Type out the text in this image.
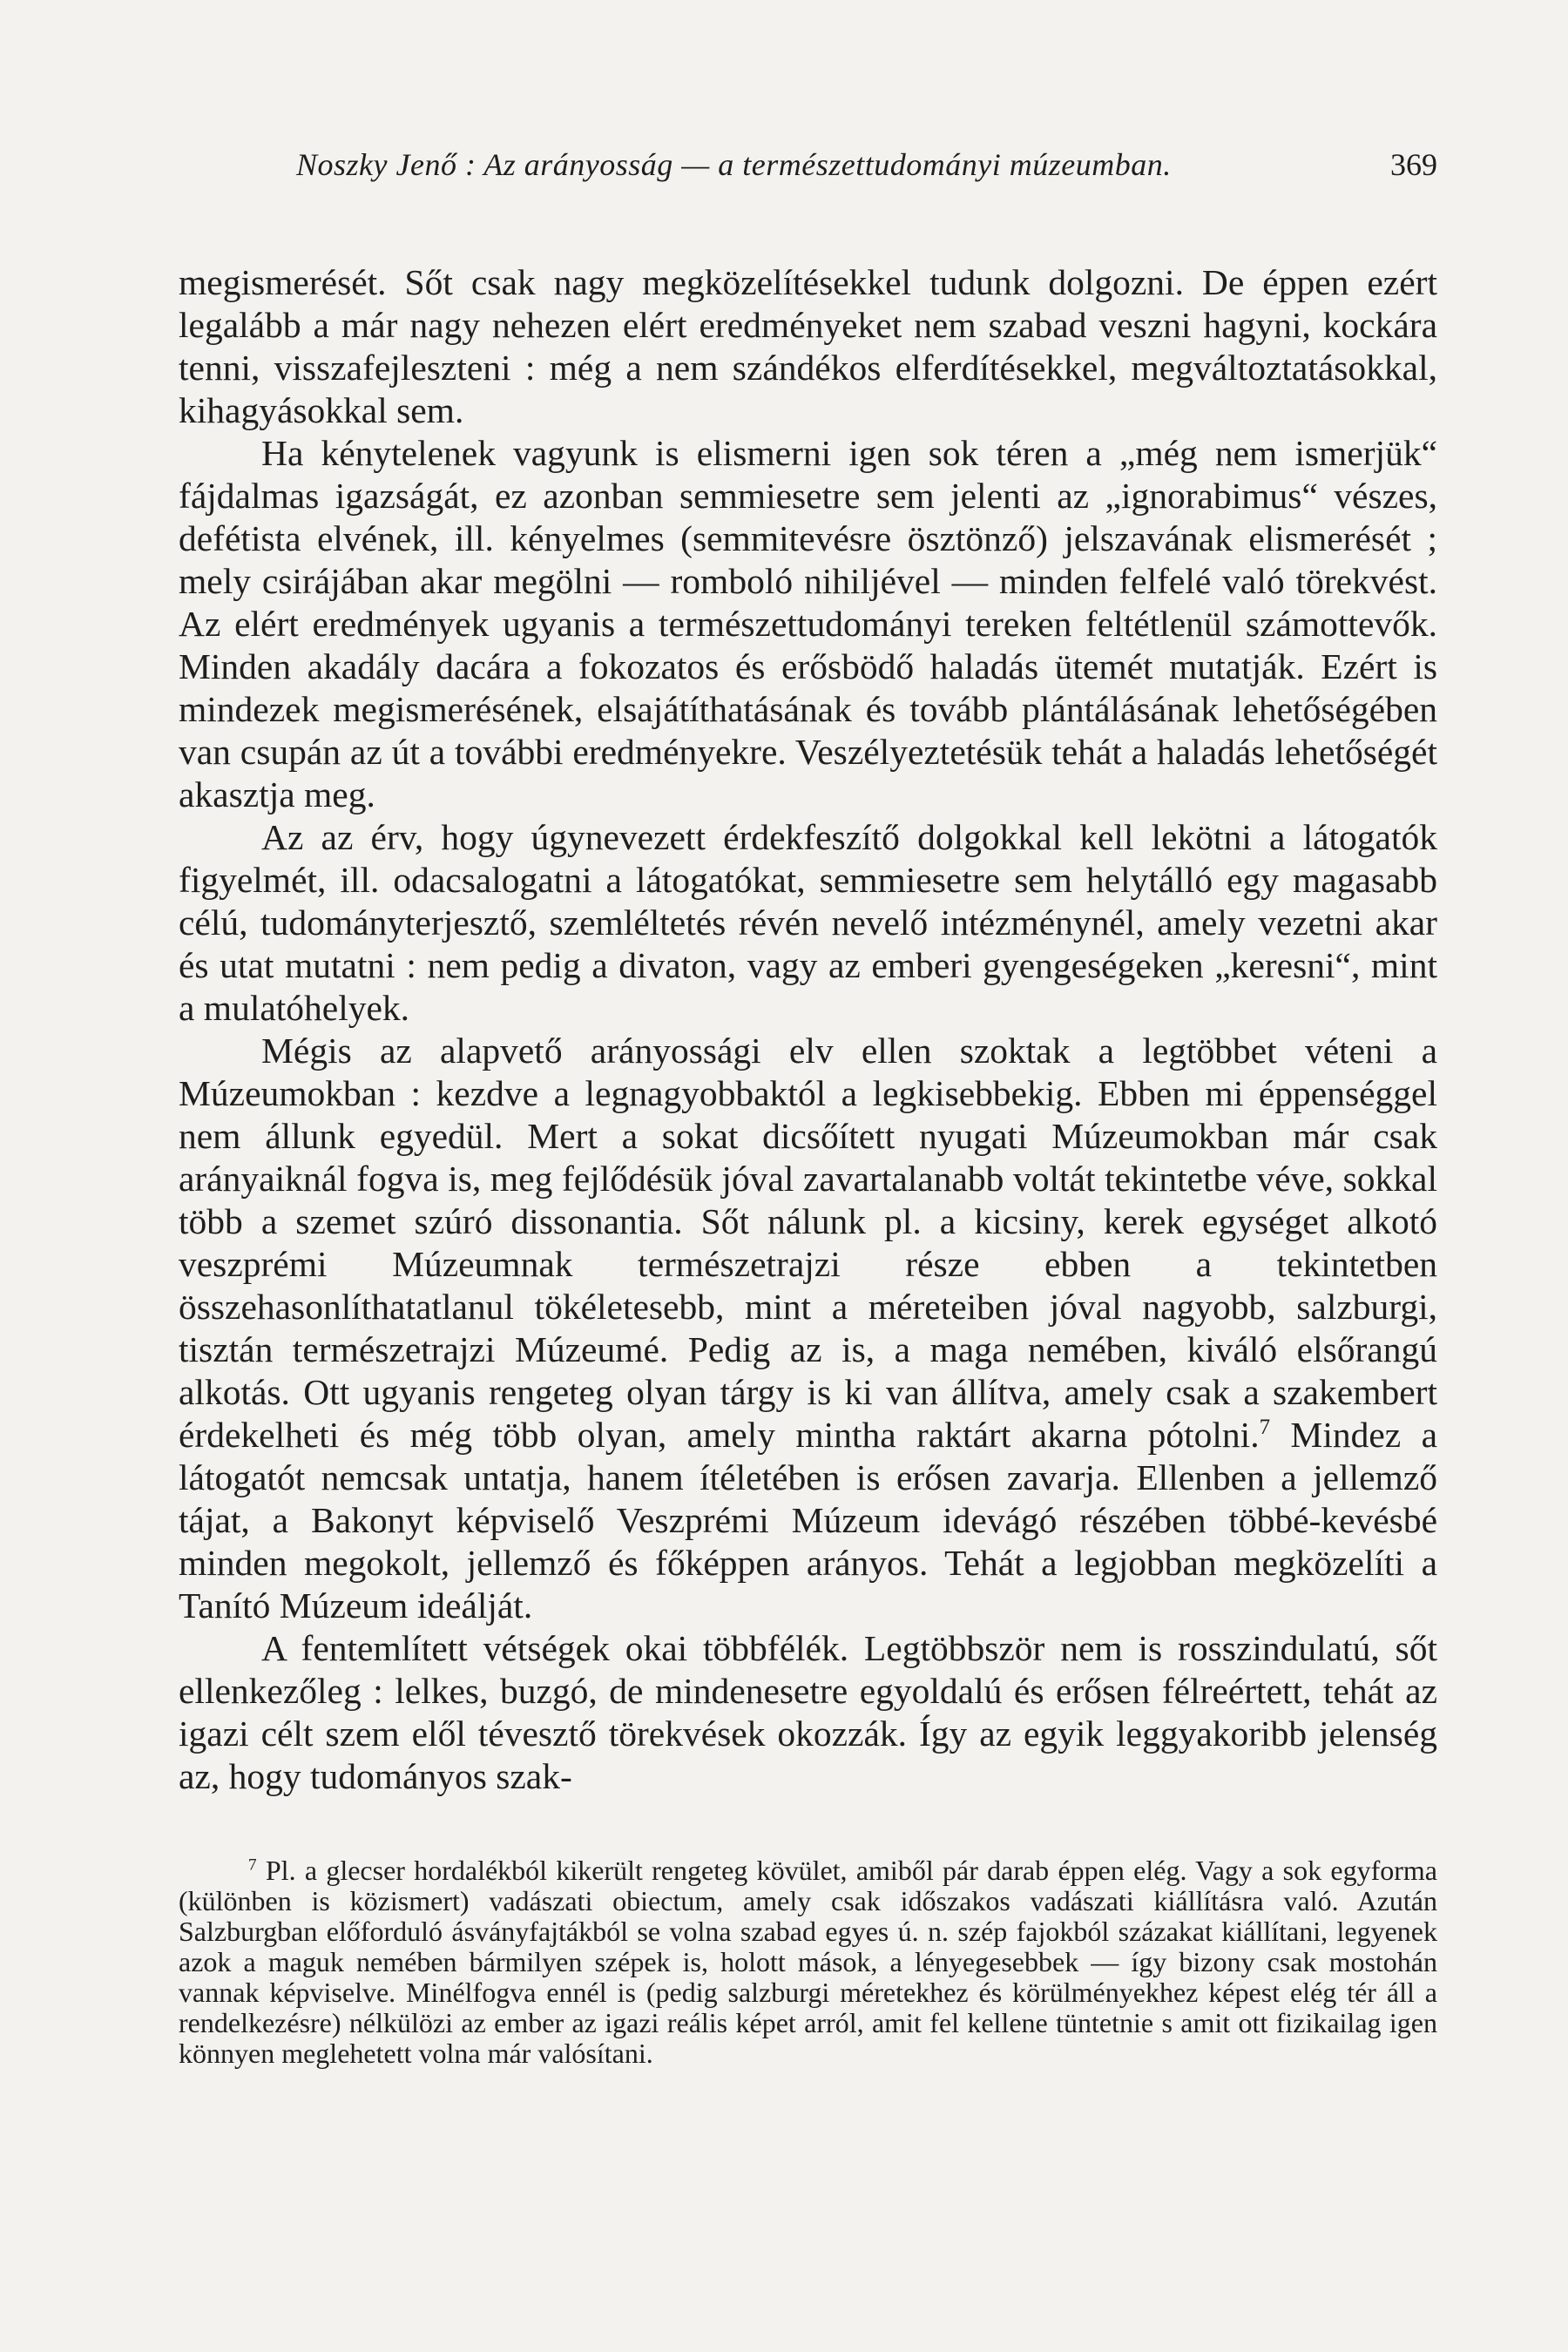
Noszky Jenő : Az arányosság — a természettudományi múzeumban.	369

megismerését. Sőt csak nagy megközelítésekkel tudunk dolgozni. De éppen ezért legalább a már nagy nehezen elért eredményeket nem szabad veszni hagyni, kockára tenni, visszafejleszteni : még a nem szándékos elferdítésekkel, megváltoztatásokkal, kihagyásokkal sem.

Ha kénytelenek vagyunk is elismerni igen sok téren a „még nem ismerjük“ fájdalmas igazságát, ez azonban semmiesetre sem jelenti az „ignorabimus“ vészes, defétista elvének, ill. kényelmes (semmitevésre ösztönző) jelszavának elismerését ; mely csirájában akar megölni — romboló nihiljével — minden felfelé való törekvést. Az elért eredmények ugyanis a természettudományi tereken feltétlenül számottevők. Minden akadály dacára a fokozatos és erősbödő haladás ütemét mutatják. Ezért is mindezek megismerésének, elsajátíthatásának és tovább plántálásának lehetőségében van csupán az út a további eredményekre. Veszélyeztetésük tehát a haladás lehetőségét akasztja meg.

Az az érv, hogy úgynevezett érdekfeszítő dolgokkal kell lekötni a látogatók figyelmét, ill. odacsalogatni a látogatókat, semmiesetre sem helytálló egy magasabb célú, tudományterjesztő, szemléltetés révén nevelő intézménynél, amely vezetni akar és utat mutatni : nem pedig a divaton, vagy az emberi gyengeségeken „keresni“, mint a mulatóhelyek.

Mégis az alapvető arányossági elv ellen szoktak a legtöbbet véteni a Múzeumokban : kezdve a legnagyobbaktól a legkisebbekig. Ebben mi éppenséggel nem állunk egyedül. Mert a sokat dicsőített nyugati Múzeumokban már csak arányaiknál fogva is, meg fejlődésük jóval zavartalanabb voltát tekintetbe véve, sokkal több a szemet szúró dissonantia. Sőt nálunk pl. a kicsiny, kerek egységet alkotó veszprémi Múzeumnak természetrajzi része ebben a tekintetben összehasonlíthatatlanul tökéletesebb, mint a méreteiben jóval nagyobb, salzburgi, tisztán természetrajzi Múzeumé. Pedig az is, a maga nemében, kiváló elsőrangú alkotás. Ott ugyanis rengeteg olyan tárgy is ki van állítva, amely csak a szakembert érdekelheti és még több olyan, amely mintha raktárt akarna pótolni.$^7$ Mindez a látogatót nemcsak untatja, hanem ítéletében is erősen zavarja. Ellenben a jellemző tájat, a Bakonyt képviselő Veszprémi Múzeum idevágó részében többé-kevésbé minden megokolt, jellemző és főképpen arányos. Tehát a legjobban megközelíti a Tanító Múzeum ideálját.

A fentemlített vétségek okai többfélék. Legtöbbször nem is rosszindulatú, sőt ellenkezőleg : lelkes, buzgó, de mindenesetre egyoldalú és erősen félreértett, tehát az igazi célt szem elől tévesztő törekvések okozzák. Így az egyik leggyakoribb jelenség az, hogy tudományos szak-

$^7$ Pl. a glecser hordalékból kikerült rengeteg kövület, amiből pár darab éppen elég. Vagy a sok egyforma (különben is közismert) vadászati obiectum, amely csak időszakos vadászati kiállításra való. Azután Salzburgban előforduló ásványfajtákból se volna szabad egyes ú. n. szép fajokból százakat kiállítani, legyenek azok a maguk nemében bármilyen szépek is, holott mások, a lényegesebbek — így bizony csak mostohán vannak képviselve. Minélfogva ennél is (pedig salzburgi méretekhez és körülményekhez képest elég tér áll a rendelkezésre) nélkülözi az ember az igazi reális képet arról, amit fel kellene tüntetnie s amit ott fizikailag igen könnyen meglehetett volna már valósítani.
